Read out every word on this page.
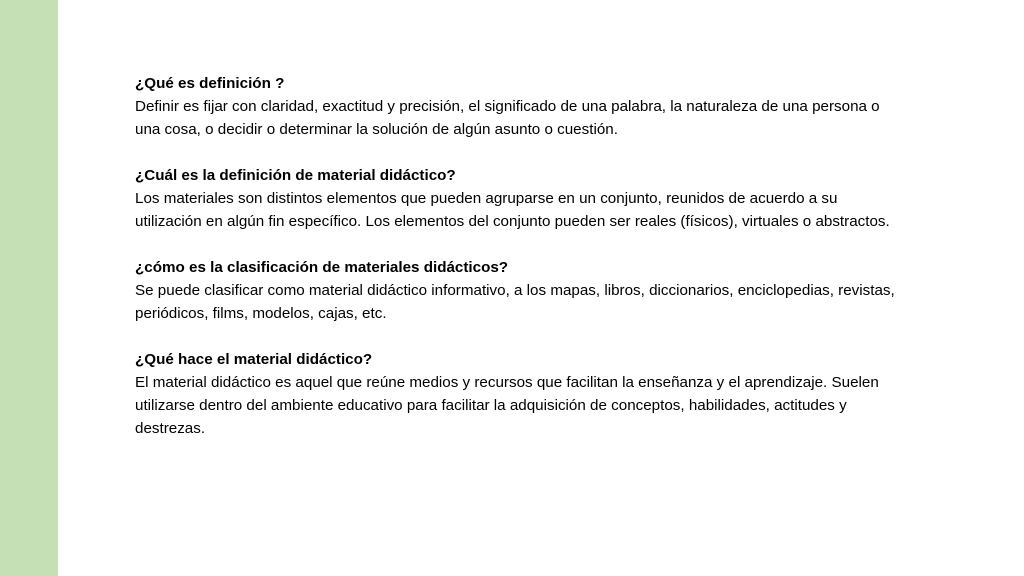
¿Qué es definición ?

Definir es fijar con claridad, exactitud y precisión, el significado de una palabra, la naturaleza de una persona o una cosa, o decidir o determinar la solución de algún asunto o cuestión.

¿Cuál es la definición de material didáctico?

Los materiales son distintos elementos que pueden agruparse en un conjunto, reunidos de acuerdo a su utilización en algún fin específico. Los elementos del conjunto pueden ser reales (físicos), virtuales o abstractos.

¿cómo es la clasificación de materiales didácticos?

Se puede clasificar como material didáctico informativo, a los mapas, libros, diccionarios, enciclopedias, revistas, periódicos, films, modelos, cajas, etc.

¿Qué hace el material didáctico?

El material didáctico es aquel que reúne medios y recursos que facilitan la enseñanza y el aprendizaje. Suelen utilizarse dentro del ambiente educativo para facilitar la adquisición de conceptos, habilidades, actitudes y destrezas.
